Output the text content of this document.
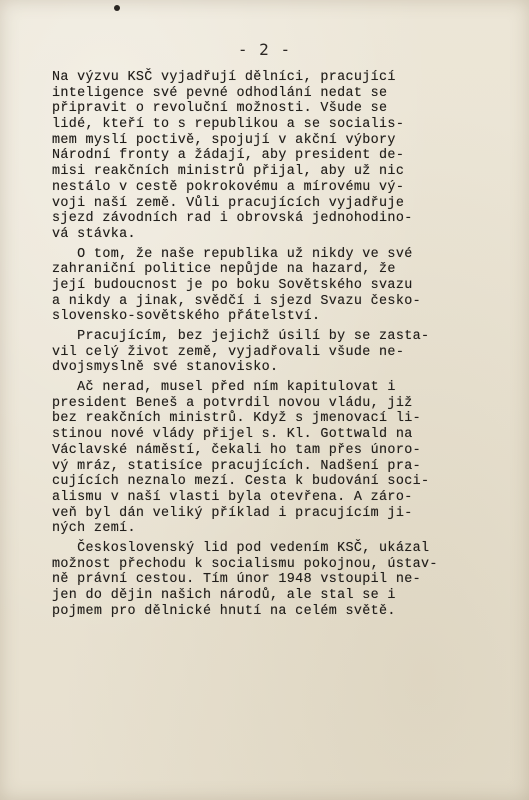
- 2 -
Na výzvu KSČ vyjadřují dělníci, pracující
inteligence své pevné odhodlání nedat se
připravit o revoluční možnosti. Všude se
lidé, kteří to s republikou a se socialis-
mem myslí poctivě, spojují v akční výbory
Národní fronty a žádají, aby president de-
misi reakčních ministrů přijal, aby už nic
nestálo v cestě pokrokovému a mírovému vý-
voji naší země. Vůli pracujících vyjadřuje
sjezd závodních rad i obrovská jednohodino-
vá stávka.
O tom, že naše republika už nikdy ve své
zahraniční politice nepůjde na hazard, že
její budoucnost je po boku Sovětského svazu
a nikdy a jinak, svědčí i sjezd Svazu česko-
slovensko-sovětského přátelství.
Pracujícím, bez jejichž úsilí by se zasta-
vil celý život země, vyjadřovali všude ne-
dvojsmyslně své stanovisko.
Ač nerad, musel před ním kapitulovat i
president Beneš a potvrdil novou vládu, již
bez reakčních ministrů. Když s jmenovací li-
stinou nové vlády přijel s. Kl. Gottwald na
Václavské náměstí, čekali ho tam přes únoro-
vý mráz, statisíce pracujících. Nadšení pra-
cujících neznalo mezí. Cesta k budování soci-
alismu v naší vlasti byla otevřena. A záro-
veň byl dán veliký příklad i pracujícím ji-
ných zemí.
Československý lid pod vedením KSČ, ukázal
možnost přechodu k socialismu pokojnou, ústav-
ně právní cestou. Tím únor 1948 vstoupil ne-
jen do dějin našich národů, ale stal se i
pojmem pro dělnické hnutí na celém světě.
